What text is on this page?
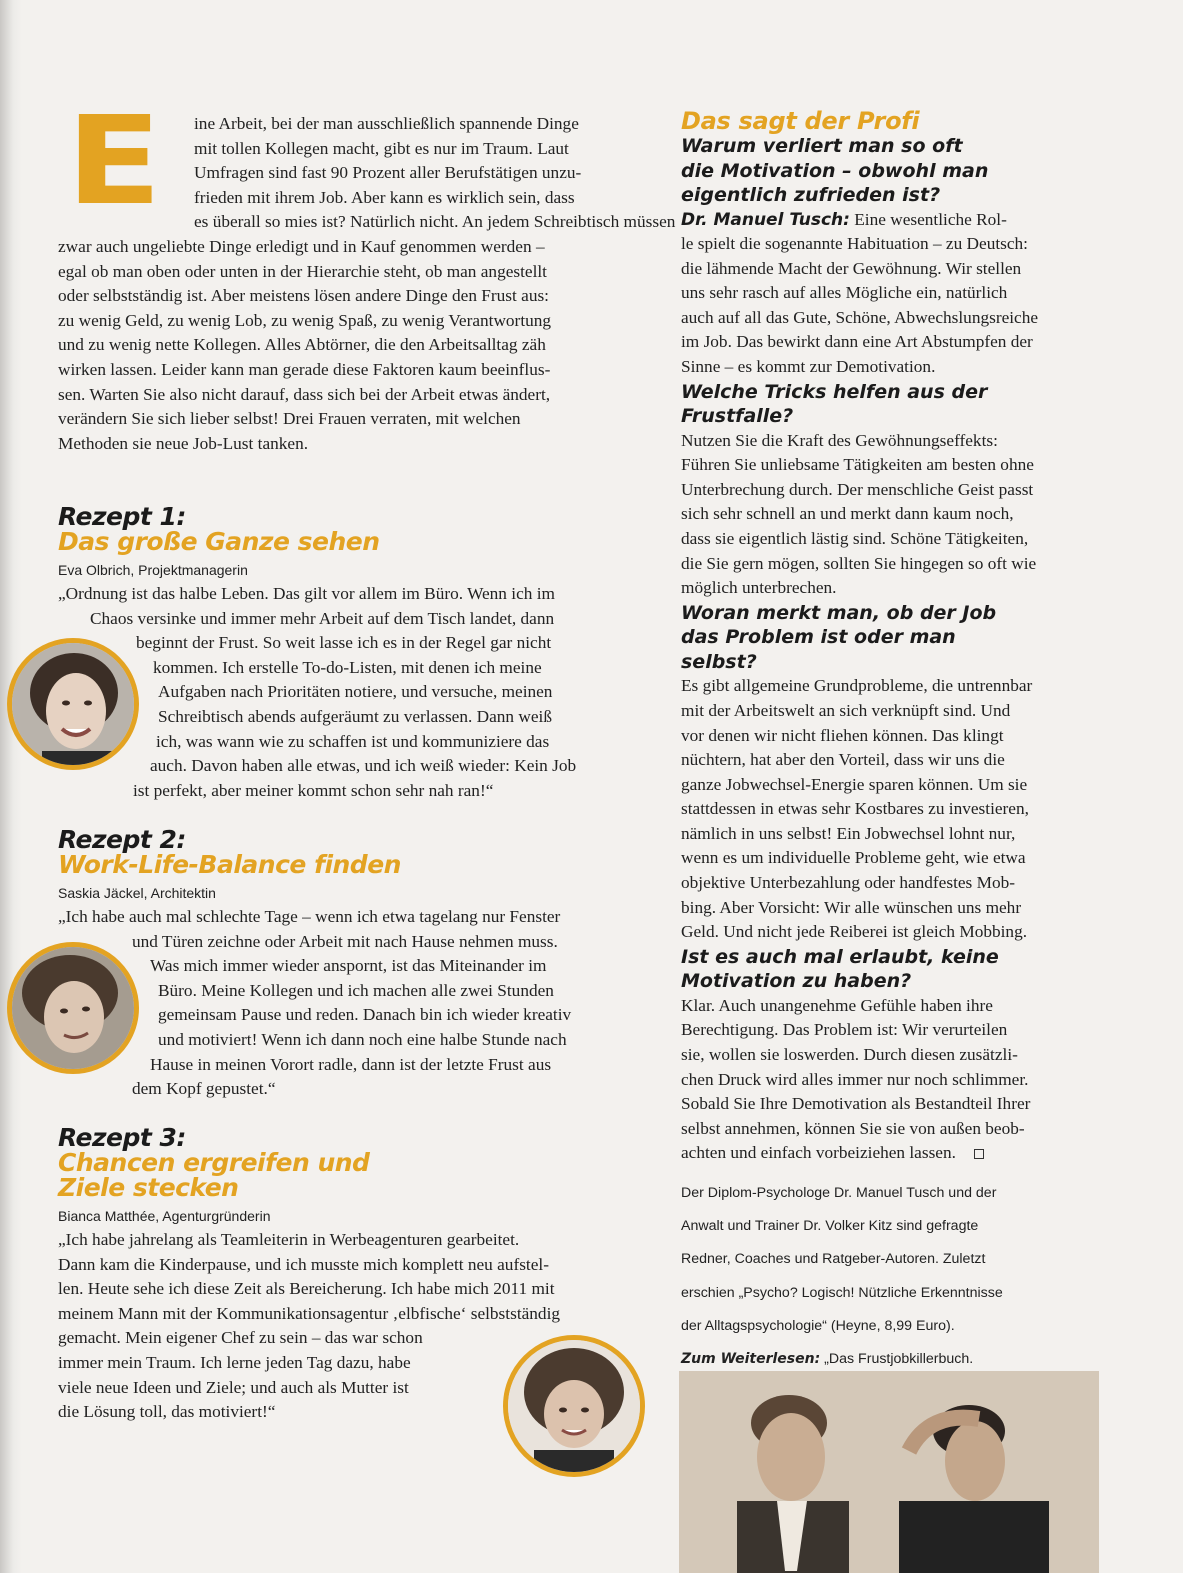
E	ine Arbeit, bei der man ausschließlich spannende Dinge

mit tollen Kollegen macht, gibt es nur im Traum. Laut

Umfragen sind fast 90 Prozent aller Berufstätigen unzu-

frieden mit ihrem Job. Aber kann es wirklich sein, dass

es überall so mies ist? Natürlich nicht. An jedem Schreibtisch müssen

zwar auch ungeliebte Dinge erledigt und in Kauf genommen werden –

egal ob man oben oder unten in der Hierarchie steht, ob man angestellt

oder selbstständig ist. Aber meistens lösen andere Dinge den Frust aus:

zu wenig Geld, zu wenig Lob, zu wenig Spaß, zu wenig Verantwortung

und zu wenig nette Kollegen. Alles Abtörner, die den Arbeitsalltag zäh

wirken lassen. Leider kann man gerade diese Faktoren kaum beeinflus-

sen. Warten Sie also nicht darauf, dass sich bei der Arbeit etwas ändert,

verändern Sie sich lieber selbst! Drei Frauen verraten, mit welchen

Methoden sie neue Job-Lust tanken.

Rezept 1:
Das große Ganze sehen
Eva Olbrich, Projektmanagerin

„Ordnung ist das halbe Leben. Das gilt vor allem im Büro. Wenn ich im

Chaos versinke und immer mehr Arbeit auf dem Tisch landet, dann

beginnt der Frust. So weit lasse ich es in der Regel gar nicht

kommen. Ich erstelle To-do-Listen, mit denen ich meine

Aufgaben nach Prioritäten notiere, und versuche, meinen

Schreibtisch abends aufgeräumt zu verlassen. Dann weiß

ich, was wann wie zu schaffen ist und kommuniziere das

auch. Davon haben alle etwas, und ich weiß wieder: Kein Job

ist perfekt, aber meiner kommt schon sehr nah ran!“

Rezept 2:
Work-Life-Balance finden
Saskia Jäckel, Architektin

„Ich habe auch mal schlechte Tage – wenn ich etwa tagelang nur Fenster

und Türen zeichne oder Arbeit mit nach Hause nehmen muss.

Was mich immer wieder anspornt, ist das Miteinander im

Büro. Meine Kollegen und ich machen alle zwei Stunden

gemeinsam Pause und reden. Danach bin ich wieder kreativ

und motiviert! Wenn ich dann noch eine halbe Stunde nach

Hause in meinen Vorort radle, dann ist der letzte Frust aus

dem Kopf gepustet.“

Rezept 3:
Chancen ergreifen und
Ziele stecken
Bianca Matthée, Agenturgründerin

„Ich habe jahrelang als Teamleiterin in Werbeagenturen gearbeitet.

Dann kam die Kinderpause, und ich musste mich komplett neu aufstel-

len. Heute sehe ich diese Zeit als Bereicherung. Ich habe mich 2011 mit

meinem Mann mit der Kommunikationsagentur ‚elbfische‘ selbstständig

gemacht. Mein eigener Chef zu sein – das war schon

immer mein Traum. Ich lerne jeden Tag dazu, habe

viele neue Ideen und Ziele; und auch als Mutter ist

die Lösung toll, das motiviert!“

Das sagt der Profi

Warum verliert man so oft

die Motivation – obwohl man

eigentlich zufrieden ist?

Dr. Manuel Tusch: Eine wesentliche Rol-

le spielt die sogenannte Habituation – zu Deutsch:

die lähmende Macht der Gewöhnung. Wir stellen

uns sehr rasch auf alles Mögliche ein, natürlich

auch auf all das Gute, Schöne, Abwechslungsreiche

im Job. Das bewirkt dann eine Art Abstumpfen der

Sinne – es kommt zur Demotivation.

Welche Tricks helfen aus der

Frustfalle?

Nutzen Sie die Kraft des Gewöhnungseffekts:

Führen Sie unliebsame Tätigkeiten am besten ohne

Unterbrechung durch. Der menschliche Geist passt

sich sehr schnell an und merkt dann kaum noch,

dass sie eigentlich lästig sind. Schöne Tätigkeiten,

die Sie gern mögen, sollten Sie hingegen so oft wie

möglich unterbrechen.

Woran merkt man, ob der Job

das Problem ist oder man

selbst?

Es gibt allgemeine Grundprobleme, die untrennbar

mit der Arbeitswelt an sich verknüpft sind. Und

vor denen wir nicht fliehen können. Das klingt

nüchtern, hat aber den Vorteil, dass wir uns die

ganze Jobwechsel-Energie sparen können. Um sie

stattdessen in etwas sehr Kostbares zu investieren,

nämlich in uns selbst! Ein Jobwechsel lohnt nur,

wenn es um individuelle Probleme geht, wie etwa

objektive Unterbezahlung oder handfestes Mob-

bing. Aber Vorsicht: Wir alle wünschen uns mehr

Geld. Und nicht jede Reiberei ist gleich Mobbing.

Ist es auch mal erlaubt, keine

Motivation zu haben?

Klar. Auch unangenehme Gefühle haben ihre

Berechtigung. Das Problem ist: Wir verurteilen

sie, wollen sie loswerden. Durch diesen zusätzli-

chen Druck wird alles immer nur noch schlimmer.

Sobald Sie Ihre Demotivation als Bestandteil Ihrer

selbst annehmen, können Sie sie von außen beob-

achten und einfach vorbeiziehen lassen.

Der Diplom-Psychologe Dr. Manuel Tusch und der

Anwalt und Trainer Dr. Volker Kitz sind gefragte

Redner, Coaches und Ratgeber-Autoren. Zuletzt

erschien „Psycho? Logisch! Nützliche Erkenntnisse

der Alltagspsychologie“ (Heyne, 8,99 Euro).

Zum Weiterlesen: „Das Frustjobkillerbuch.
